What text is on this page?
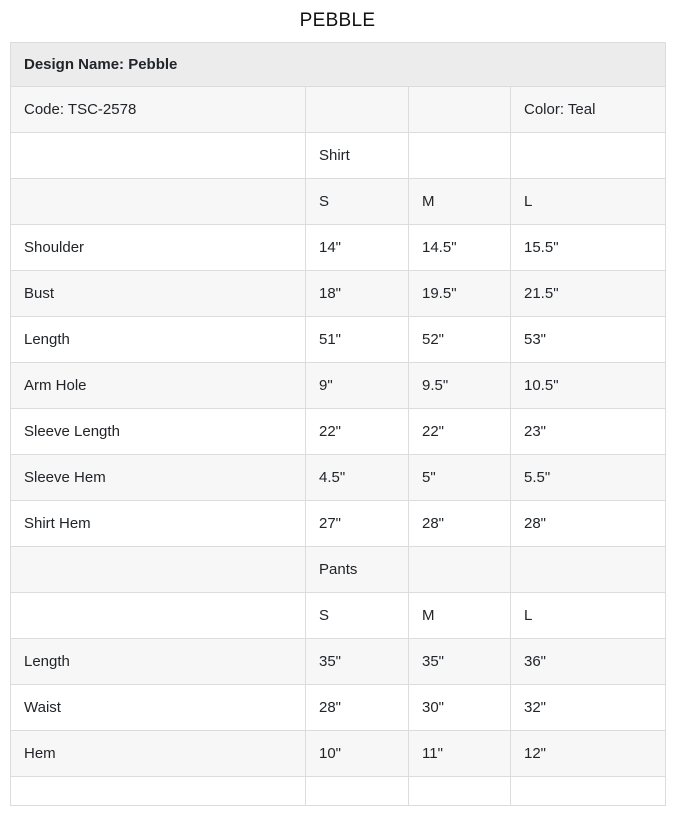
PEBBLE
Design Name: Pebble			
Code: TSC-2578			Color: Teal
	Shirt		
	S	M	L
Shoulder	14"	14.5"	15.5"
Bust	18"	19.5"	21.5"
Length	51"	52"	53"
Arm Hole	9"	9.5"	10.5"
Sleeve Length	22"	22"	23"
Sleeve Hem	4.5"	5"	5.5"
Shirt Hem	27"	28"	28"
	Pants		
	S	M	L
Length	35"	35"	36"
Waist	28"	30"	32"
Hem	10"	11"	12"
